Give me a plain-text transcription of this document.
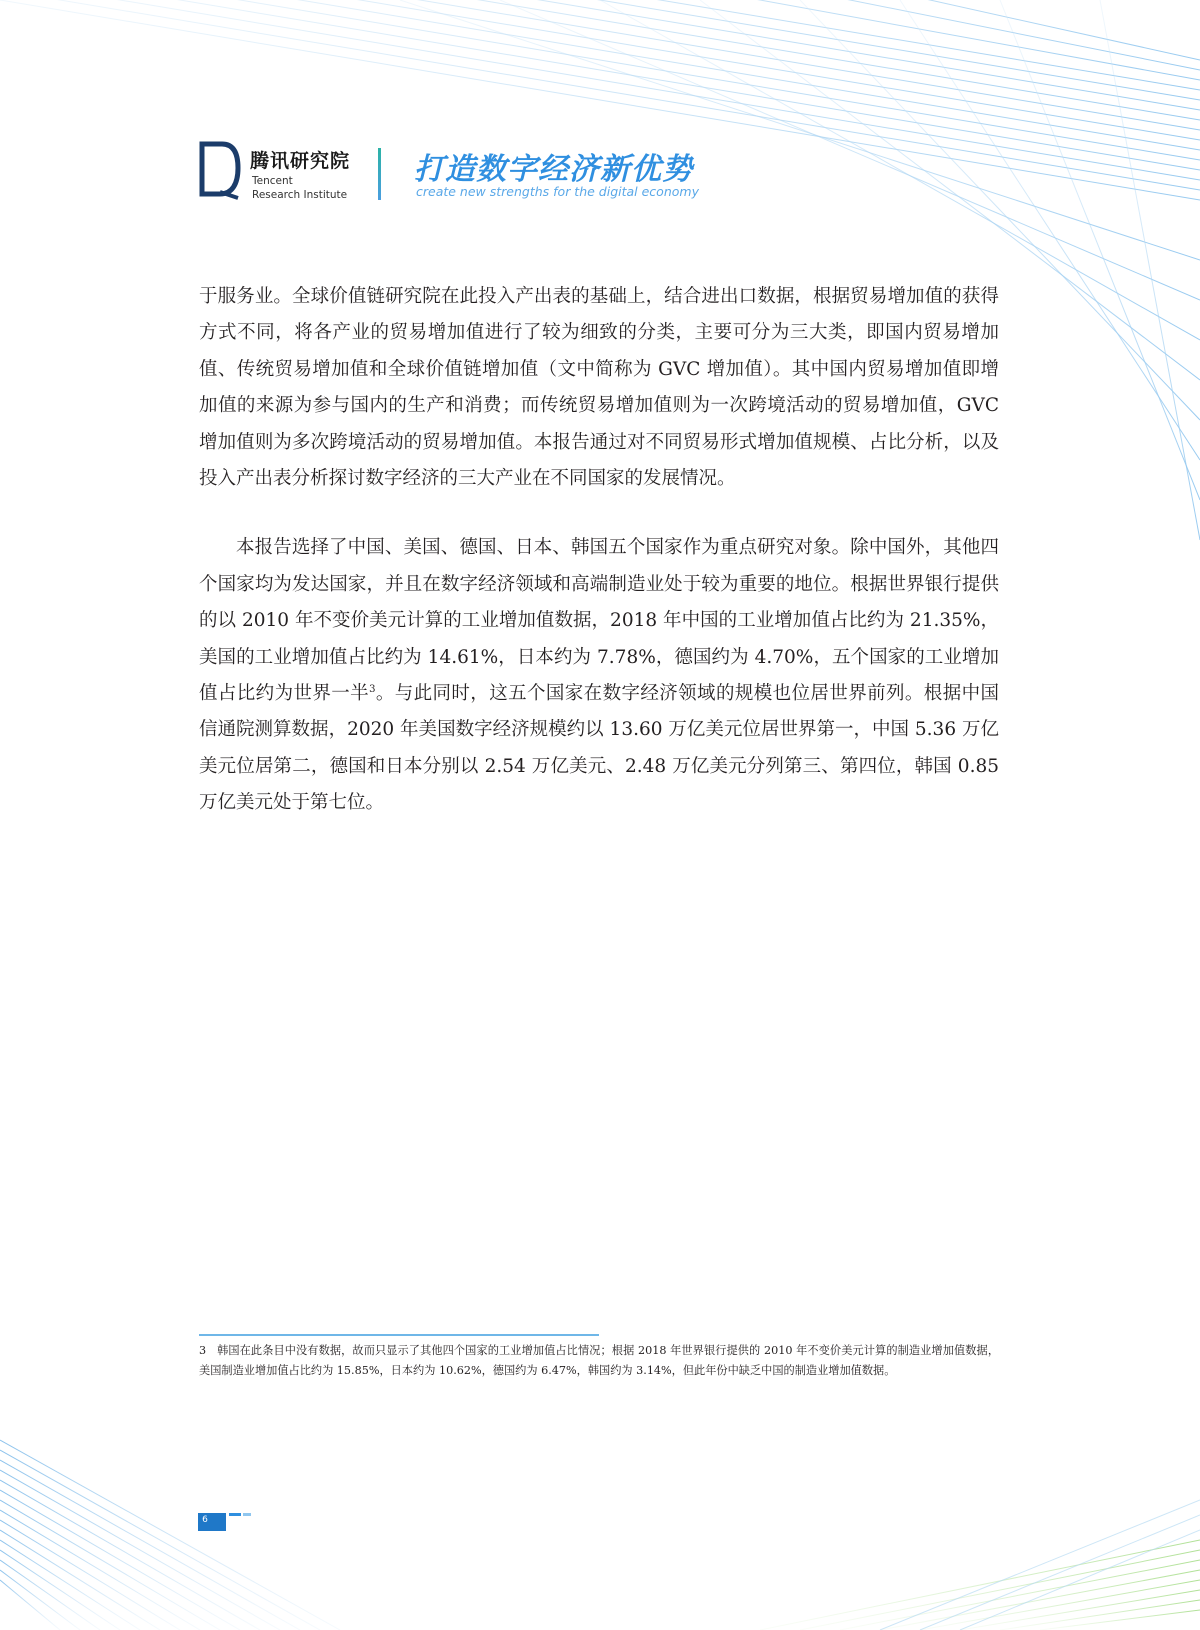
腾讯研究院
Tencent
Research Institute
打造数字经济新优势
create new strengths for the digital economy

于服务业。全球价值链研究院在此投入产出表的基础上，结合进出口数据，根据贸易增加值的获得方式不同，将各产业的贸易增加值进行了较为细致的分类，主要可分为三大类，即国内贸易增加值、传统贸易增加值和全球价值链增加值（文中简称为 GVC 增加值）。其中国内贸易增加值即增加值的来源为参与国内的生产和消费；而传统贸易增加值则为一次跨境活动的贸易增加值，GVC 增加值则为多次跨境活动的贸易增加值。本报告通过对不同贸易形式增加值规模、占比分析，以及投入产出表分析探讨数字经济的三大产业在不同国家的发展情况。

本报告选择了中国、美国、德国、日本、韩国五个国家作为重点研究对象。除中国外，其他四个国家均为发达国家，并且在数字经济领域和高端制造业处于较为重要的地位。根据世界银行提供的以 2010 年不变价美元计算的工业增加值数据，2018 年中国的工业增加值占比约为 21.35%，美国的工业增加值占比约为 14.61%，日本约为 7.78%，德国约为 4.70%，五个国家的工业增加值占比约为世界一半$^3$。与此同时，这五个国家在数字经济领域的规模也位居世界前列。根据中国信通院测算数据，2020 年美国数字经济规模约以 13.60 万亿美元位居世界第一，中国 5.36 万亿美元位居第二，德国和日本分别以 2.54 万亿美元、2.48 万亿美元分列第三、第四位，韩国 0.85 万亿美元处于第七位。

3 韩国在此条目中没有数据，故而只显示了其他四个国家的工业增加值占比情况；根据 2018 年世界银行提供的 2010 年不变价美元计算的制造业增加值数据，美国制造业增加值占比约为 15.85%，日本约为 10.62%，德国约为 6.47%，韩国约为 3.14%，但此年份中缺乏中国的制造业增加值数据。

6
